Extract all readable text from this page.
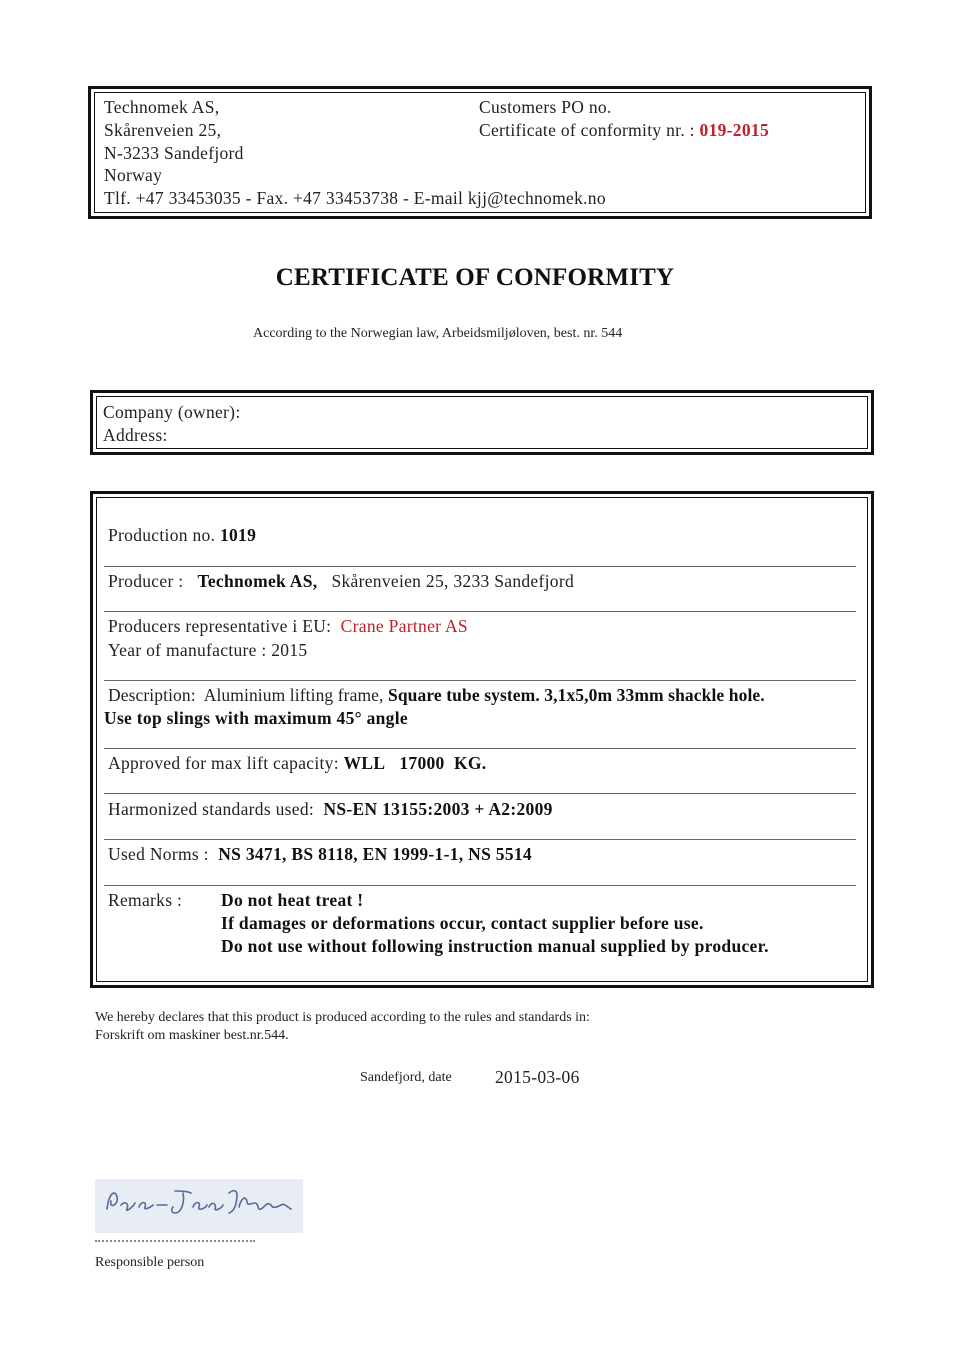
Technomek AS,
Skårenveien 25,
N-3233 Sandefjord
Norway
Tlf. +47 33453035 - Fax. +47 33453738 - E-mail kjj@technomek.no
Customers PO no.
Certificate of conformity nr. : 019-2015
CERTIFICATE OF CONFORMITY
According to the Norwegian law, Arbeidsmiljøloven, best. nr. 544
Company (owner):
Address:
Production no. 1019
Producer : Technomek AS, Skårenveien 25, 3233 Sandefjord
Producers representative i EU: Crane Partner AS
Year of manufacture : 2015
Description: Aluminium lifting frame, Square tube system. 3,1x5,0m 33mm shackle hole.
Use top slings with maximum 45° angle
Approved for max lift capacity: WLL 17000 KG.
Harmonized standards used: NS-EN 13155:2003 + A2:2009
Used Norms : NS 3471, BS 8118, EN 1999-1-1, NS 5514
Remarks : Do not heat treat !
If damages or deformations occur, contact supplier before use.
Do not use without following instruction manual supplied by producer.
We hereby declares that this product is produced according to the rules and standards in:
Forskrift om maskiner best.nr.544.
Sandefjord, date 2015-03-06
Responsible person
